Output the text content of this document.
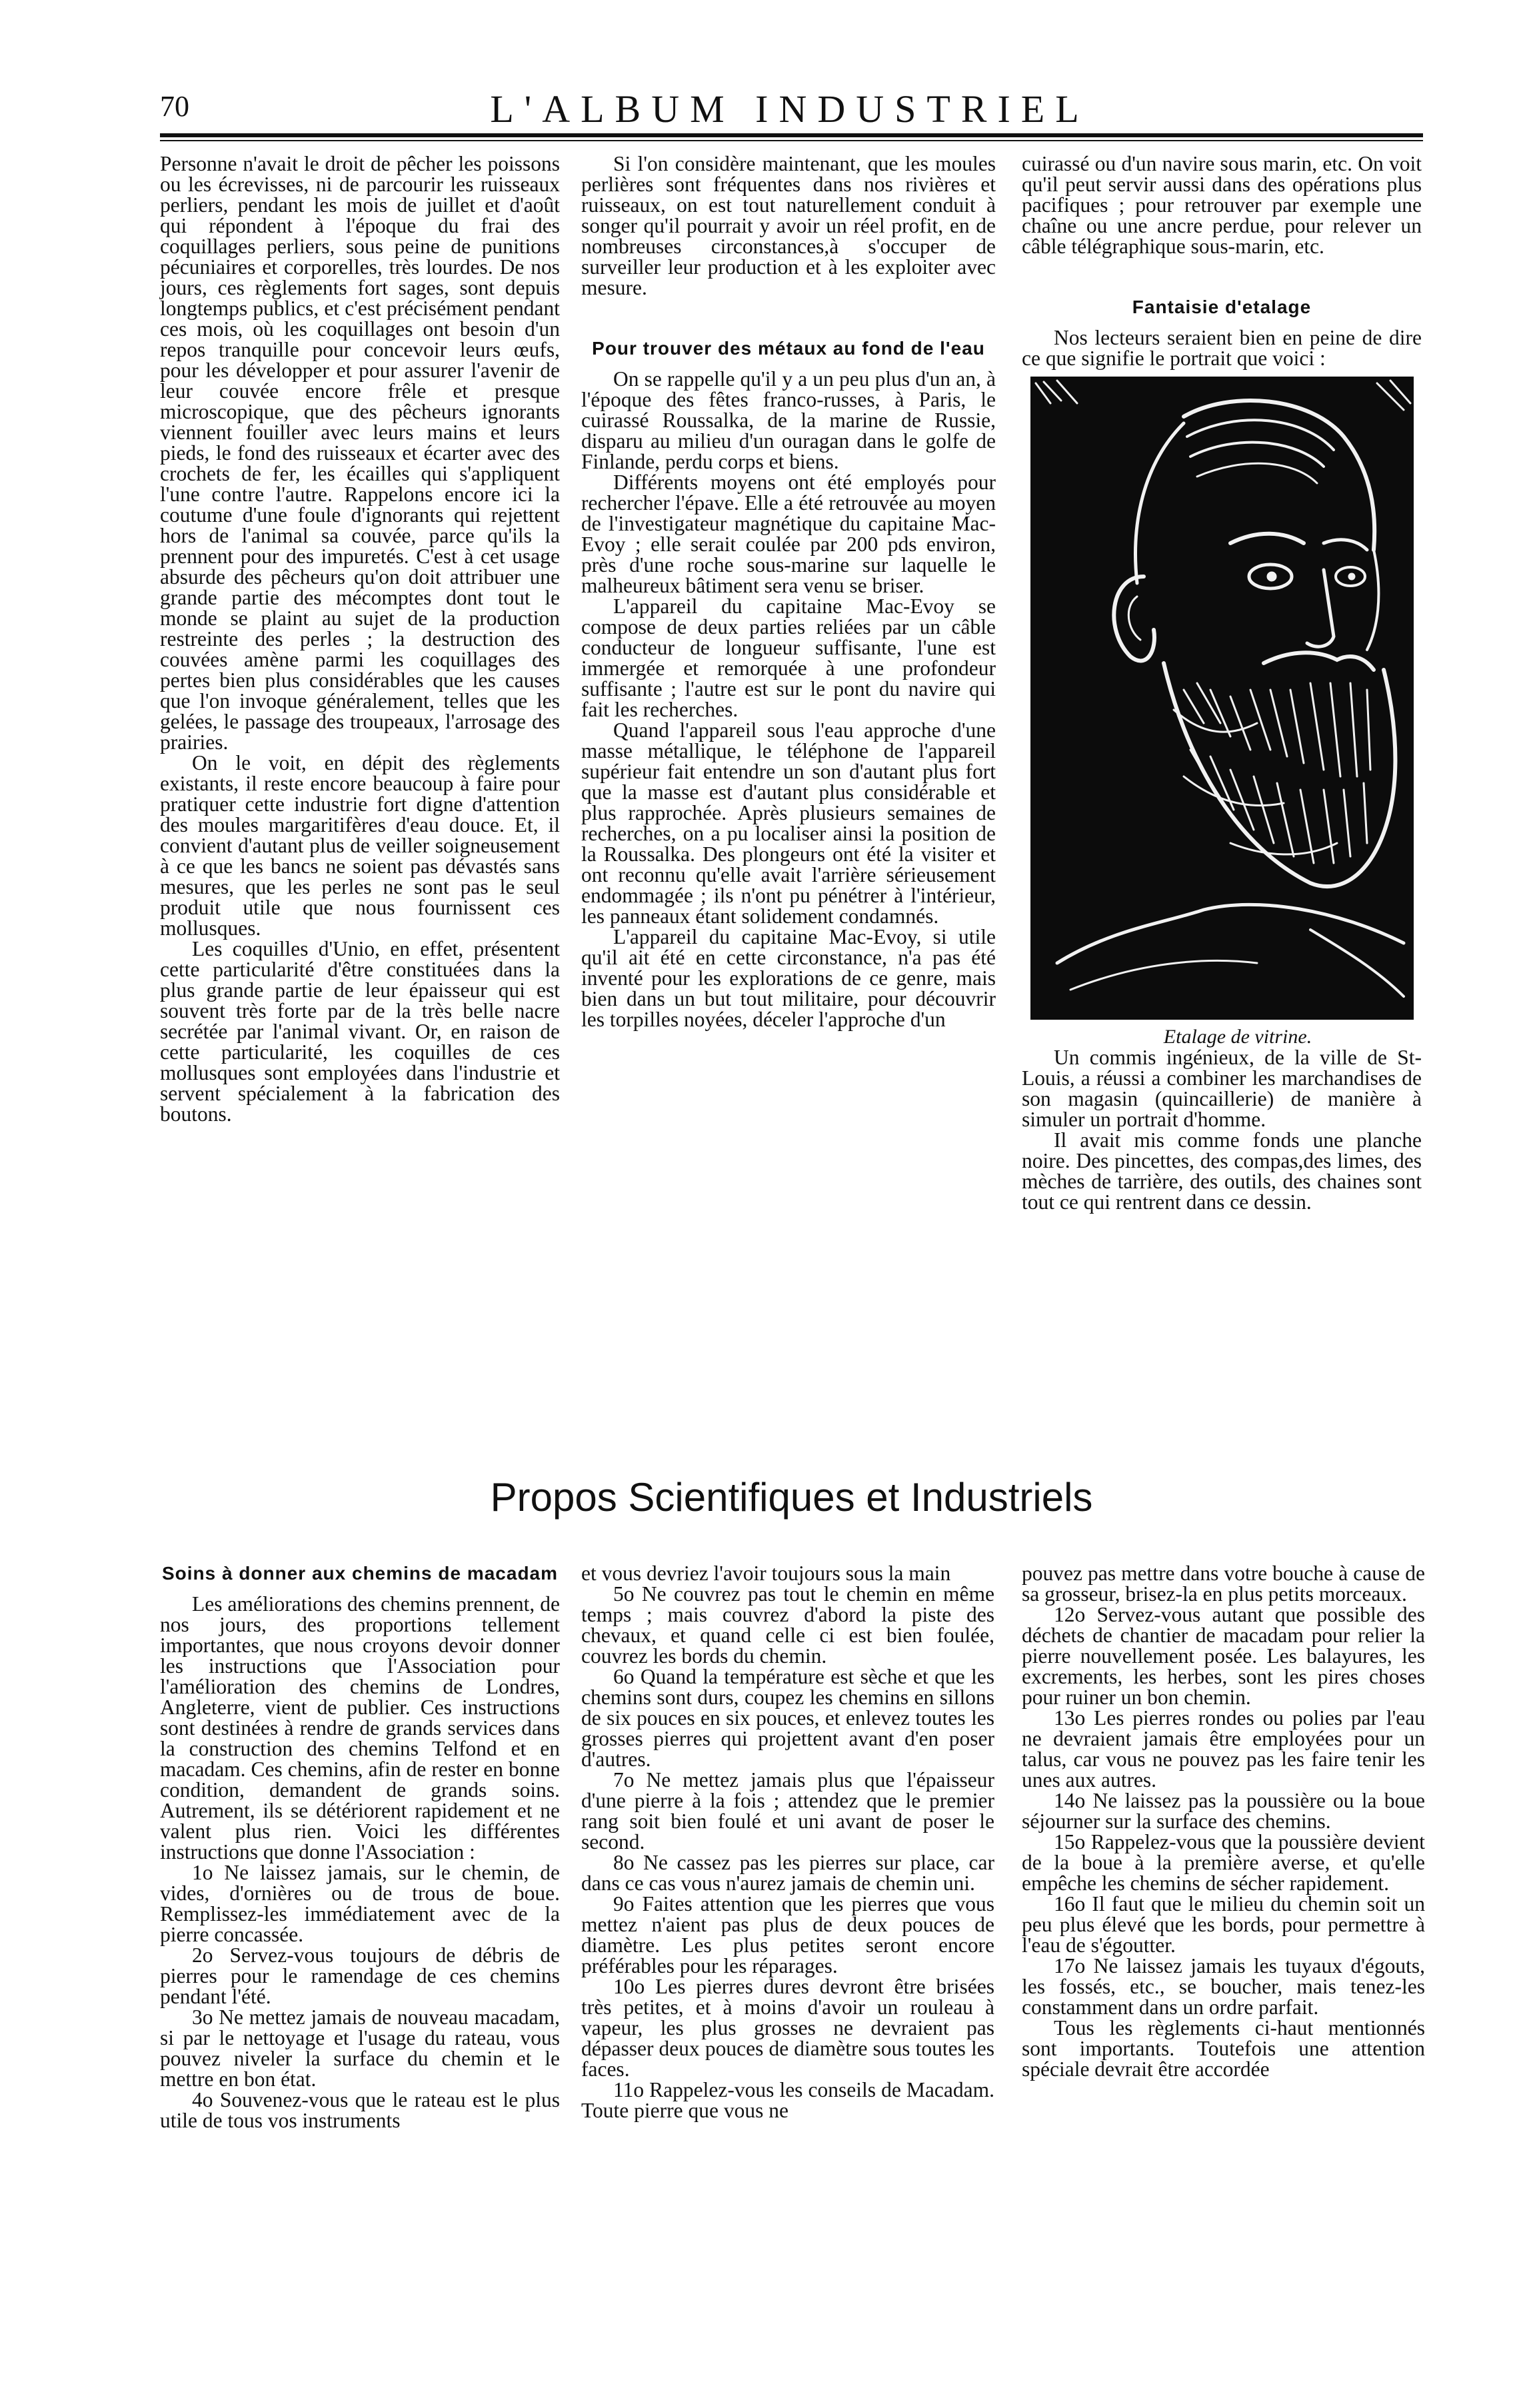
70	L'ALBUM INDUSTRIEL

Personne n'avait le droit de pêcher les poissons ou les écrevisses, ni de parcourir les ruisseaux perliers, pendant les mois de juillet et d'août qui répondent à l'époque du frai des coquillages perliers, sous peine de punitions pécuniaires et corporelles, très lourdes. De nos jours, ces règlements fort sages, sont depuis longtemps publics, et c'est précisément pendant ces mois, où les coquillages ont besoin d'un repos tranquille pour concevoir leurs œufs, pour les développer et pour assurer l'avenir de leur couvée encore frêle et presque microscopique, que des pêcheurs ignorants viennent fouiller avec leurs mains et leurs pieds, le fond des ruisseaux et écarter avec des crochets de fer, les écailles qui s'appliquent l'une contre l'autre. Rappelons encore ici la coutume d'une foule d'ignorants qui rejettent hors de l'animal sa couvée, parce qu'ils la prennent pour des impuretés. C'est à cet usage absurde des pêcheurs qu'on doit attribuer une grande partie des mécomptes dont tout le monde se plaint au sujet de la production restreinte des perles ; la destruction des couvées amène parmi les coquillages des pertes bien plus considérables que les causes que l'on invoque généralement, telles que les gelées, le passage des troupeaux, l'arrosage des prairies.

On le voit, en dépit des règlements existants, il reste encore beaucoup à faire pour pratiquer cette industrie fort digne d'attention des moules margaritifères d'eau douce. Et, il convient d'autant plus de veiller soigneusement à ce que les bancs ne soient pas dévastés sans mesures, que les perles ne sont pas le seul produit utile que nous fournissent ces mollusques.

Les coquilles d'Unio, en effet, présentent cette particularité d'être constituées dans la plus grande partie de leur épaisseur qui est souvent très forte par de la très belle nacre secrétée par l'animal vivant. Or, en raison de cette particularité, les coquilles de ces mollusques sont employées dans l'industrie et servent spécialement à la fabrication des boutons.

Si l'on considère maintenant, que les moules perlières sont fréquentes dans nos rivières et ruisseaux, on est tout naturellement conduit à songer qu'il pourrait y avoir un réel profit, en de nombreuses circonstances,à s'occuper de surveiller leur production et à les exploiter avec mesure.

Pour trouver des métaux au fond de l'eau

On se rappelle qu'il y a un peu plus d'un an, à l'époque des fêtes franco-russes, à Paris, le cuirassé Roussalka, de la marine de Russie, disparu au milieu d'un ouragan dans le golfe de Finlande, perdu corps et biens.

Différents moyens ont été employés pour rechercher l'épave. Elle a été retrouvée au moyen de l'investigateur magnétique du capitaine Mac-Evoy ; elle serait coulée par 200 pds environ, près d'une roche sous-marine sur laquelle le malheureux bâtiment sera venu se briser.

L'appareil du capitaine Mac-Evoy se compose de deux parties reliées par un câble conducteur de longueur suffisante, l'une est immergée et remorquée à une profondeur suffisante ; l'autre est sur le pont du navire qui fait les recherches.

Quand l'appareil sous l'eau approche d'une masse métallique, le téléphone de l'appareil supérieur fait entendre un son d'autant plus fort que la masse est d'autant plus considérable et plus rapprochée. Après plusieurs semaines de recherches, on a pu localiser ainsi la position de la Roussalka. Des plongeurs ont été la visiter et ont reconnu qu'elle avait l'arrière sérieusement endommagée ; ils n'ont pu pénétrer à l'intérieur, les panneaux étant solidement condamnés.

L'appareil du capitaine Mac-Evoy, si utile qu'il ait été en cette circonstance, n'a pas été inventé pour les explorations de ce genre, mais bien dans un but tout militaire, pour découvrir les torpilles noyées, déceler l'approche d'un

cuirassé ou d'un navire sous marin, etc. On voit qu'il peut servir aussi dans des opérations plus pacifiques ; pour retrouver par exemple une chaîne ou une ancre perdue, pour relever un câble télégraphique sous-marin, etc.

Fantaisie d'etalage

Nos lecteurs seraient bien en peine de dire ce que signifie le portrait que voici :

Etalage de vitrine.

Un commis ingénieux, de la ville de St-Louis, a réussi a combiner les marchandises de son magasin (quincaillerie) de manière à simuler un portrait d'homme.

Il avait mis comme fonds une planche noire. Des pincettes, des compas,des limes, des mèches de tarrière, des outils, des chaines sont tout ce qui rentrent dans ce dessin.

Propos Scientifiques et Industriels
Soins à donner aux chemins de macadam

Les améliorations des chemins prennent, de nos jours, des proportions tellement importantes, que nous croyons devoir donner les instructions que l'Association pour l'amélioration des chemins de Londres, Angleterre, vient de publier. Ces instructions sont destinées à rendre de grands services dans la construction des chemins Telfond et en macadam. Ces chemins, afin de rester en bonne condition, demandent de grands soins. Autrement, ils se détériorent rapidement et ne valent plus rien. Voici les différentes instructions que donne l'Association :

1o Ne laissez jamais, sur le chemin, de vides, d'ornières ou de trous de boue. Remplissez-les immédiatement avec de la pierre concassée.

2o Servez-vous toujours de débris de pierres pour le ramendage de ces chemins pendant l'été.

3o Ne mettez jamais de nouveau macadam, si par le nettoyage et l'usage du rateau, vous pouvez niveler la surface du chemin et le mettre en bon état.

4o Souvenez-vous que le rateau est le plus utile de tous vos instruments

et vous devriez l'avoir toujours sous la main

5o Ne couvrez pas tout le chemin en même temps ; mais couvrez d'abord la piste des chevaux, et quand celle ci est bien foulée, couvrez les bords du chemin.

6o Quand la température est sèche et que les chemins sont durs, coupez les chemins en sillons de six pouces en six pouces, et enlevez toutes les grosses pierres qui projettent avant d'en poser d'autres.

7o Ne mettez jamais plus que l'épaisseur d'une pierre à la fois ; attendez que le premier rang soit bien foulé et uni avant de poser le second.

8o Ne cassez pas les pierres sur place, car dans ce cas vous n'aurez jamais de chemin uni.

9o Faites attention que les pierres que vous mettez n'aient pas plus de deux pouces de diamètre. Les plus petites seront encore préférables pour les réparages.

10o Les pierres dures devront être brisées très petites, et à moins d'avoir un rouleau à vapeur, les plus grosses ne devraient pas dépasser deux pouces de diamètre sous toutes les faces.

11o Rappelez-vous les conseils de Macadam. Toute pierre que vous ne

pouvez pas mettre dans votre bouche à cause de sa grosseur, brisez-la en plus petits morceaux.

12o Servez-vous autant que possible des déchets de chantier de macadam pour relier la pierre nouvellement posée. Les balayures, les excrements, les herbes, sont les pires choses pour ruiner un bon chemin.

13o Les pierres rondes ou polies par l'eau ne devraient jamais être employées pour un talus, car vous ne pouvez pas les faire tenir les unes aux autres.

14o Ne laissez pas la poussière ou la boue séjourner sur la surface des chemins.

15o Rappelez-vous que la poussière devient de la boue à la première averse, et qu'elle empêche les chemins de sécher rapidement.

16o Il faut que le milieu du chemin soit un peu plus élevé que les bords, pour permettre à l'eau de s'égoutter.

17o Ne laissez jamais les tuyaux d'égouts, les fossés, etc., se boucher, mais tenez-les constamment dans un ordre parfait.

Tous les règlements ci-haut mentionnés sont importants. Toutefois une attention spéciale devrait être accordée
